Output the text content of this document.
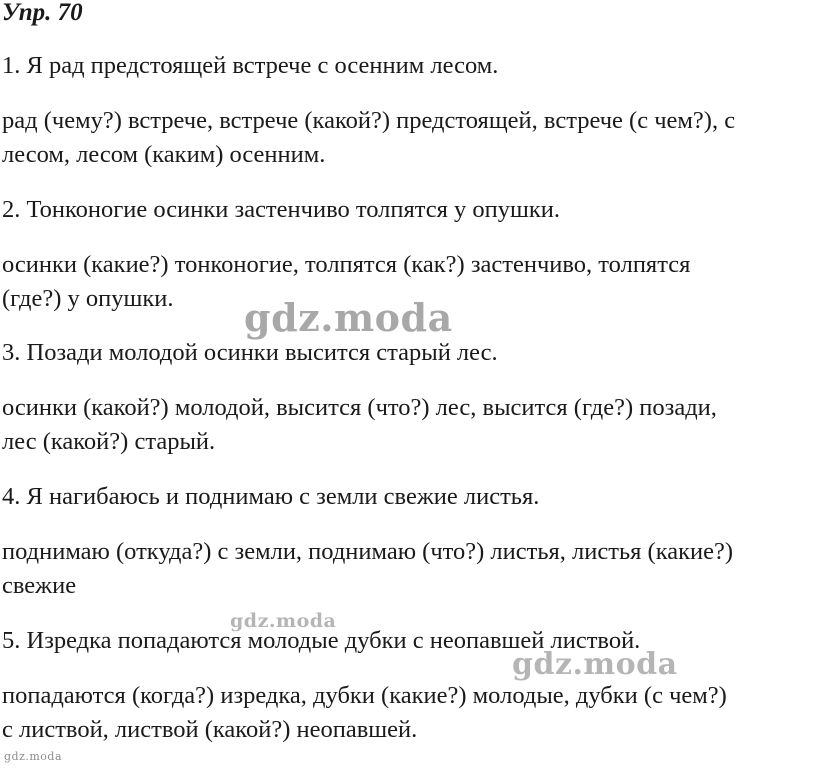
Упр. 70
1. Я рад предстоящей встрече с осенним лесом.
рад (чему?) встрече, встрече (какой?) предстоящей, встрече (с чем?), с
лесом, лесом (каким) осенним.
2. Тонконогие осинки застенчиво толпятся у опушки.
осинки (какие?) тонконогие, толпятся (как?) застенчиво, толпятся
(где?) у опушки.
3. Позади молодой осинки высится старый лес.
осинки (какой?) молодой, высится (что?) лес, высится (где?) позади,
лес (какой?) старый.
4. Я нагибаюсь и поднимаю с земли свежие листья.
поднимаю (откуда?) с земли, поднимаю (что?) листья, листья (какие?)
свежие
5. Изредка попадаются молодые дубки с неопавшей листвой.
попадаются (когда?) изредка, дубки (какие?) молодые, дубки (с чем?)
с листвой, листвой (какой?) неопавшей.
gdz.moda
gdz.moda
gdz.moda
gdz.moda
